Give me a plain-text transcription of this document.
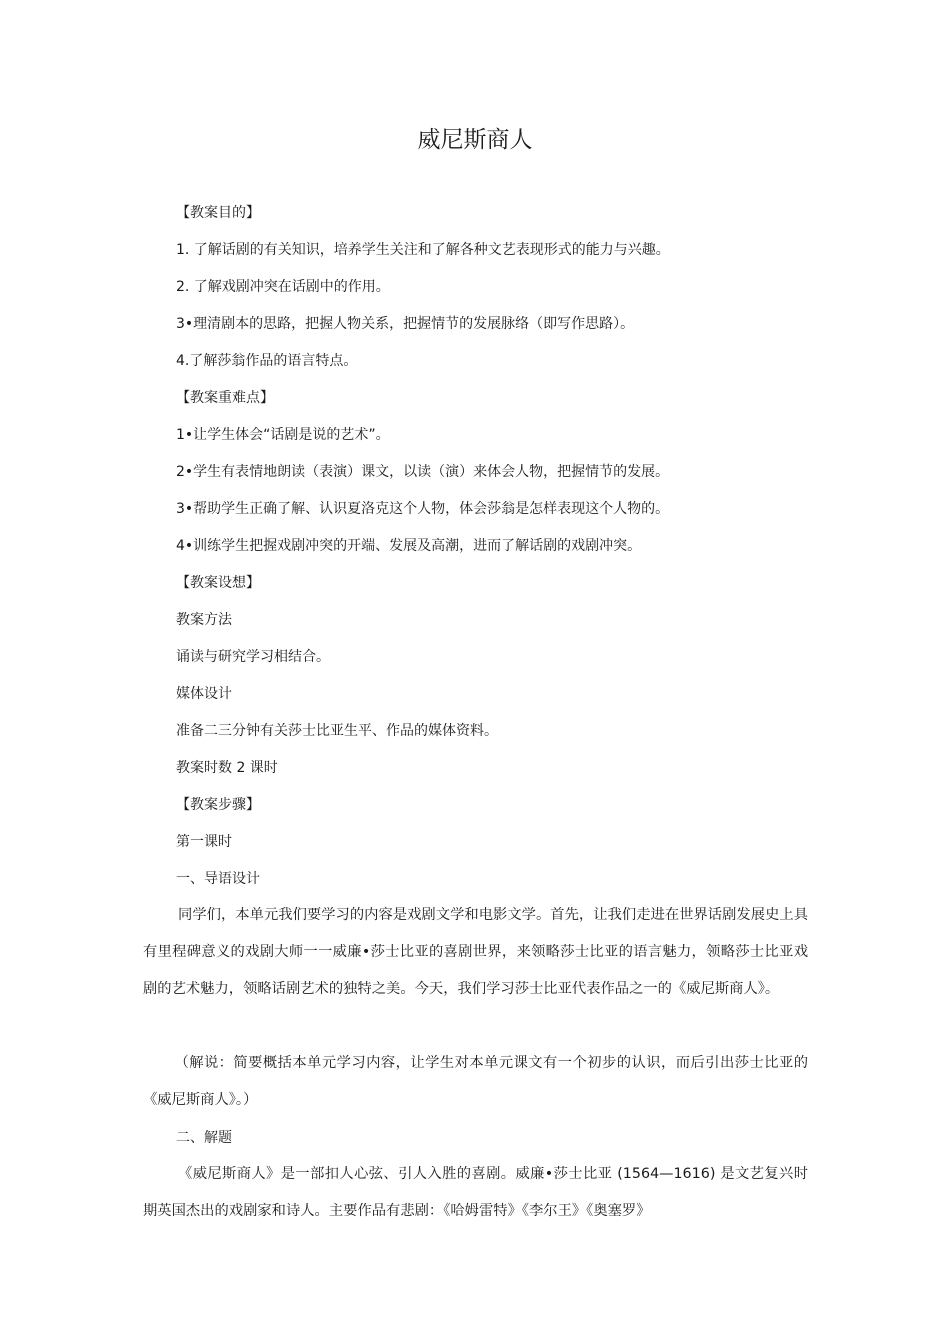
威尼斯商人

【教案目的】

1. 了解话剧的有关知识，培养学生关注和了解各种文艺表现形式的能力与兴趣。

2. 了解戏剧冲突在话剧中的作用。

3•理清剧本的思路，把握人物关系，把握情节的发展脉络（即写作思路）。

4.了解莎翁作品的语言特点。

【教案重难点】

1•让学生体会“话剧是说的艺术”。

2•学生有表情地朗读（表演）课文，以读（演）来体会人物，把握情节的发展。

3•帮助学生正确了解、认识夏洛克这个人物，体会莎翁是怎样表现这个人物的。

4•训练学生把握戏剧冲突的开端、发展及高潮，进而了解话剧的戏剧冲突。

【教案设想】

教案方法

诵读与研究学习相结合。

媒体设计

准备二三分钟有关莎士比亚生平、作品的媒体资料。

教案时数 2 课时

【教案步骤】

第一课时

一、导语设计

同学们，本单元我们要学习的内容是戏剧文学和电影文学。首先，让我们走进在世界话剧发展史上具有里程碑意义的戏剧大师一一威廉•莎士比亚的喜剧世界，来领略莎士比亚的语言魅力，领略莎士比亚戏剧的艺术魅力，领略话剧艺术的独特之美。今天，我们学习莎士比亚代表作品之一的《威尼斯商人》。

（解说：简要概括本单元学习内容，让学生对本单元课文有一个初步的认识，而后引出莎士比亚的《威尼斯商人》。）

二、解题

《威尼斯商人》是一部扣人心弦、引人入胜的喜剧。威廉•莎士比亚 (1564—1616) 是文艺复兴时期英国杰出的戏剧家和诗人。主要作品有悲剧：《哈姆雷特》《李尔王》《奥塞罗》
